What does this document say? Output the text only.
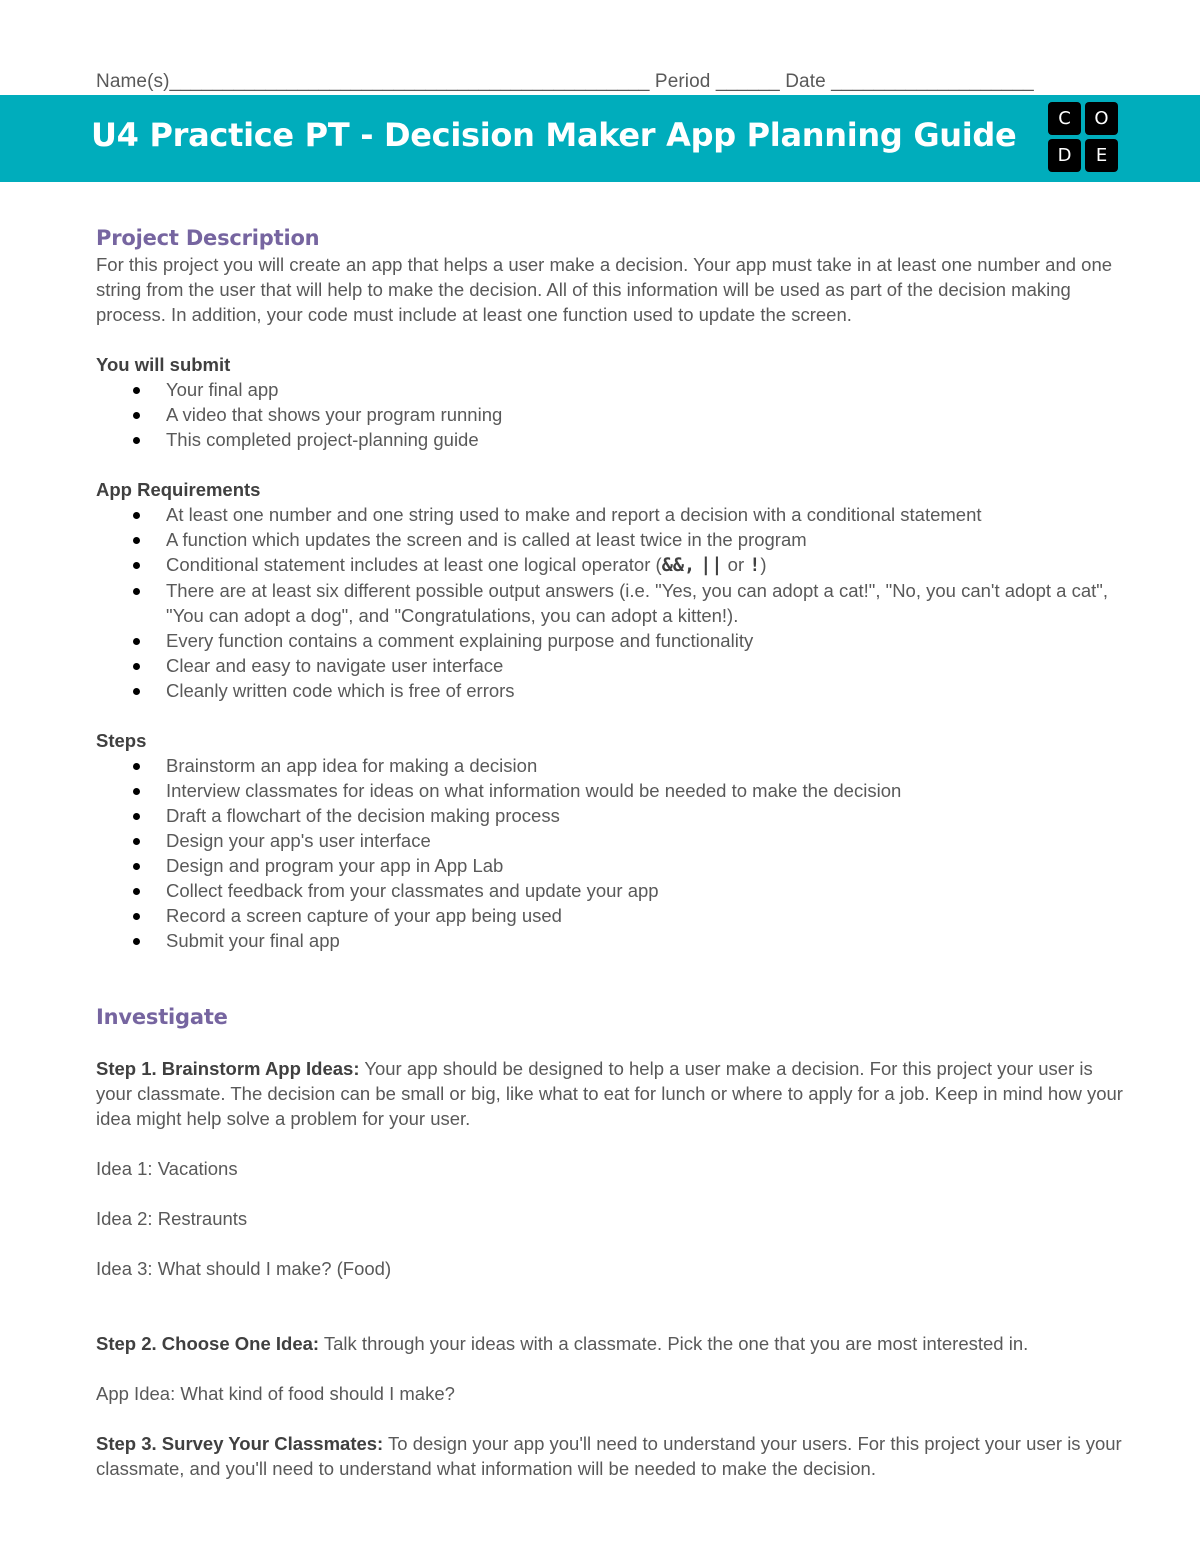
Name(s)_____________________________________________ Period ______ Date ___________________
U4 Practice PT - Decision Maker App Planning Guide	C	O
D	E
Project Description

For this project you will create an app that helps a user make a decision. Your app must take in at least one number and one string from the user that will help to make the decision. All of this information will be used as part of the decision making process. In addition, your code must include at least one function used to update the screen.

You will submit
Your final app
A video that shows your program running
This completed project-planning guide
App Requirements
At least one number and one string used to make and report a decision with a conditional statement
A function which updates the screen and is called at least twice in the program
Conditional statement includes at least one logical operator (&&, || or !)
There are at least six different possible output answers (i.e. "Yes, you can adopt a cat!", "No, you can't adopt a cat", "You can adopt a dog", and "Congratulations, you can adopt a kitten!).
Every function contains a comment explaining purpose and functionality
Clear and easy to navigate user interface
Cleanly written code which is free of errors
Steps
Brainstorm an app idea for making a decision
Interview classmates for ideas on what information would be needed to make the decision
Draft a flowchart of the decision making process
Design your app's user interface
Design and program your app in App Lab
Collect feedback from your classmates and update your app
Record a screen capture of your app being used
Submit your final app
Investigate

Step 1. Brainstorm App Ideas: Your app should be designed to help a user make a decision. For this project your user is your classmate. The decision can be small or big, like what to eat for lunch or where to apply for a job. Keep in mind how your idea might help solve a problem for your user.

Idea 1: Vacations

Idea 2: Restraunts

Idea 3: What should I make? (Food)

Step 2. Choose One Idea: Talk through your ideas with a classmate. Pick the one that you are most interested in.

App Idea: What kind of food should I make?

Step 3. Survey Your Classmates: To design your app you'll need to understand your users. For this project your user is your classmate, and you'll need to understand what information will be needed to make the decision.
